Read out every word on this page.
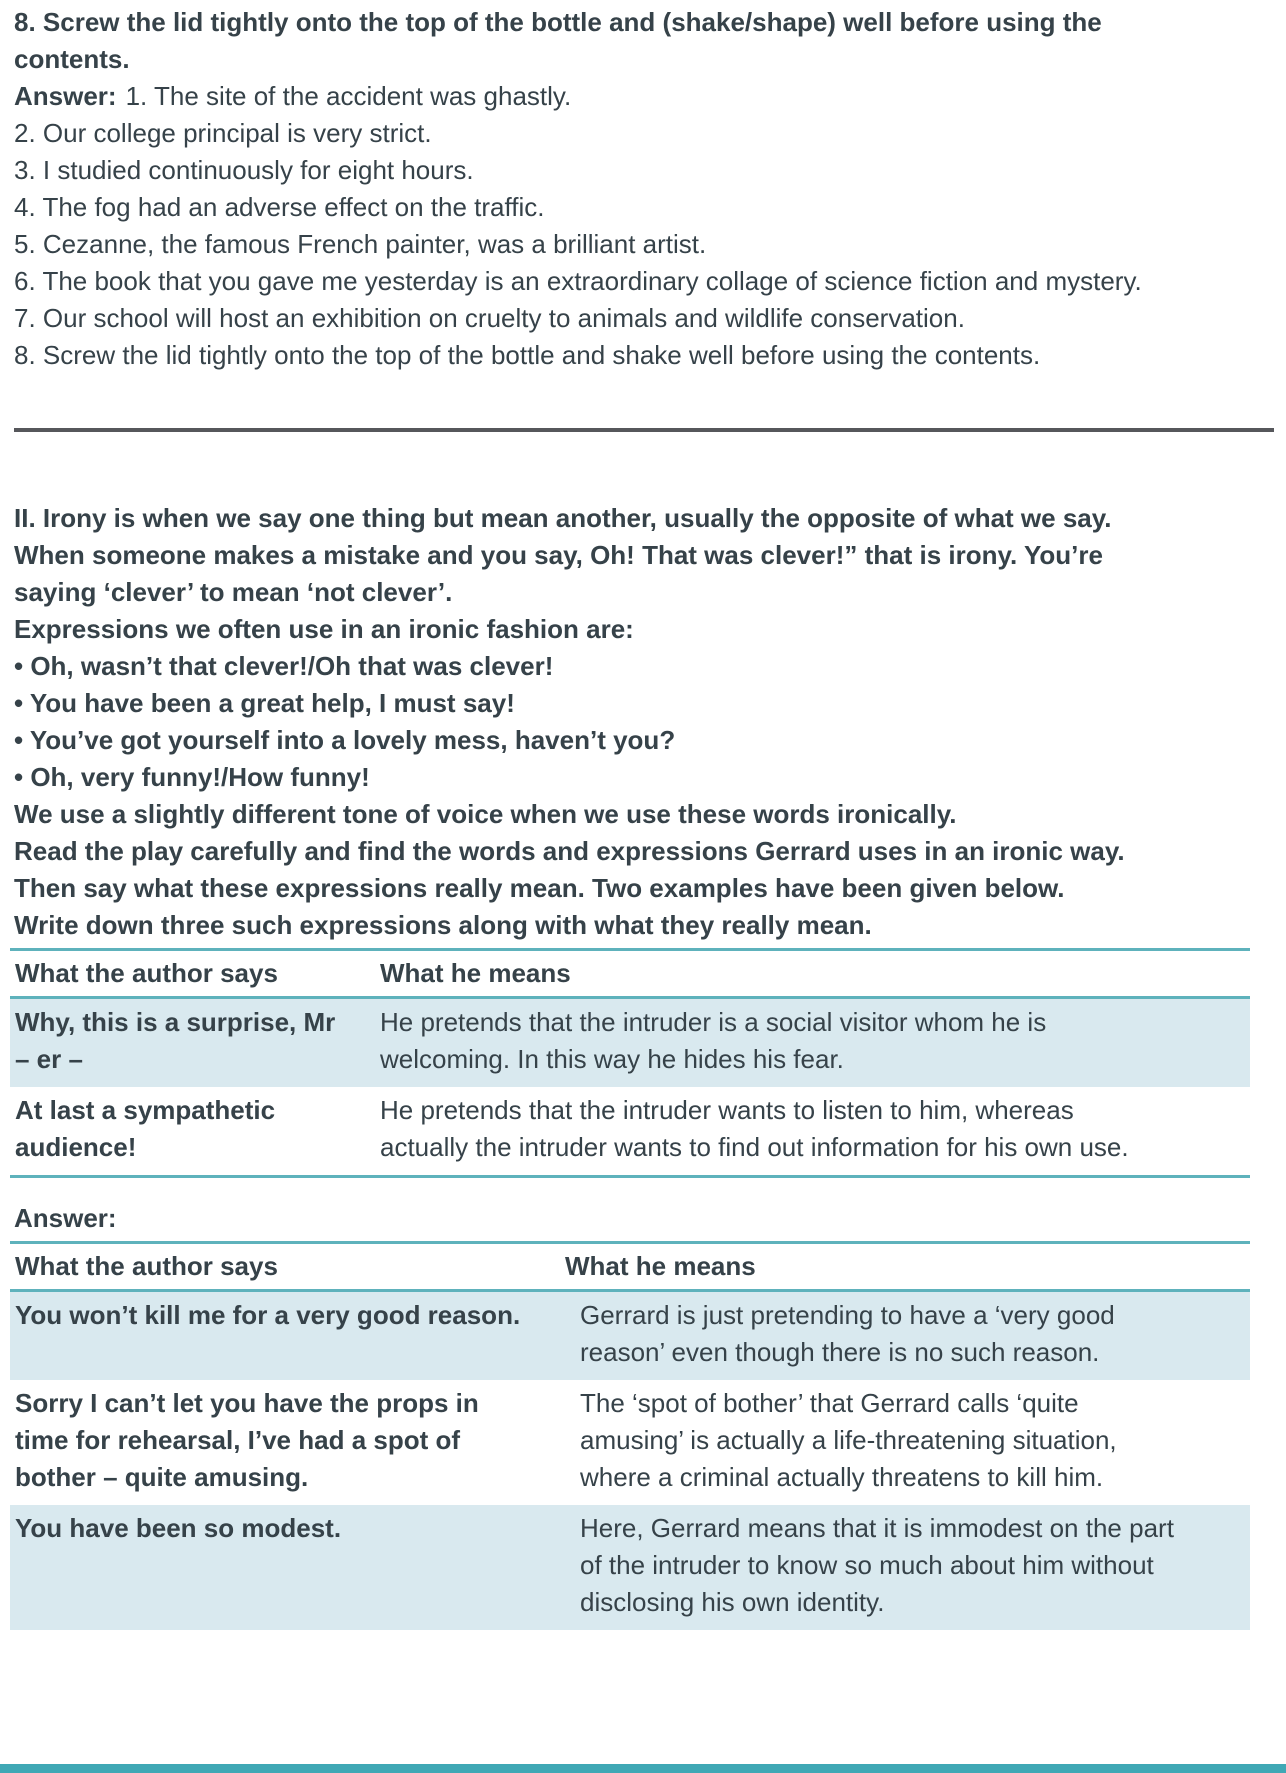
8. Screw the lid tightly onto the top of the bottle and (shake/shape) well before using the contents.

Answer: 1. The site of the accident was ghastly.
2. Our college principal is very strict.
3. I studied continuously for eight hours.
4. The fog had an adverse effect on the traffic.
5. Cezanne, the famous French painter, was a brilliant artist.
6. The book that you gave me yesterday is an extraordinary collage of science fiction and mystery.
7. Our school will host an exhibition on cruelty to animals and wildlife conservation.
8. Screw the lid tightly onto the top of the bottle and shake well before using the contents.
II. Irony is when we say one thing but mean another, usually the opposite of what we say. When someone makes a mistake and you say, Oh! That was clever!” that is irony. You’re saying ‘clever’ to mean ‘not clever’.
Expressions we often use in an ironic fashion are:
• Oh, wasn’t that clever!/Oh that was clever!
• You have been a great help, I must say!
• You’ve got yourself into a lovely mess, haven’t you?
• Oh, very funny!/How funny!
We use a slightly different tone of voice when we use these words ironically.
Read the play carefully and find the words and expressions Gerrard uses in an ironic way. Then say what these expressions really mean. Two examples have been given below.
Write down three such expressions along with what they really mean.
What the author says	What he means
Why, this is a surprise, Mr – er –	He pretends that the intruder is a social visitor whom he is welcoming. In this way he hides his fear.
At last a sympathetic audience!	He pretends that the intruder wants to listen to him, whereas actually the intruder wants to find out information for his own use.

Answer:

What the author says	What he means
You won’t kill me for a very good reason.	Gerrard is just pretending to have a ‘very good reason’ even though there is no such reason.
Sorry I can’t let you have the props in time for rehearsal, I’ve had a spot of bother – quite amusing.	The ‘spot of bother’ that Gerrard calls ‘quite amusing’ is actually a life-threatening situation, where a criminal actually threatens to kill him.
You have been so modest.	Here, Gerrard means that it is immodest on the part of the intruder to know so much about him without disclosing his own identity.
